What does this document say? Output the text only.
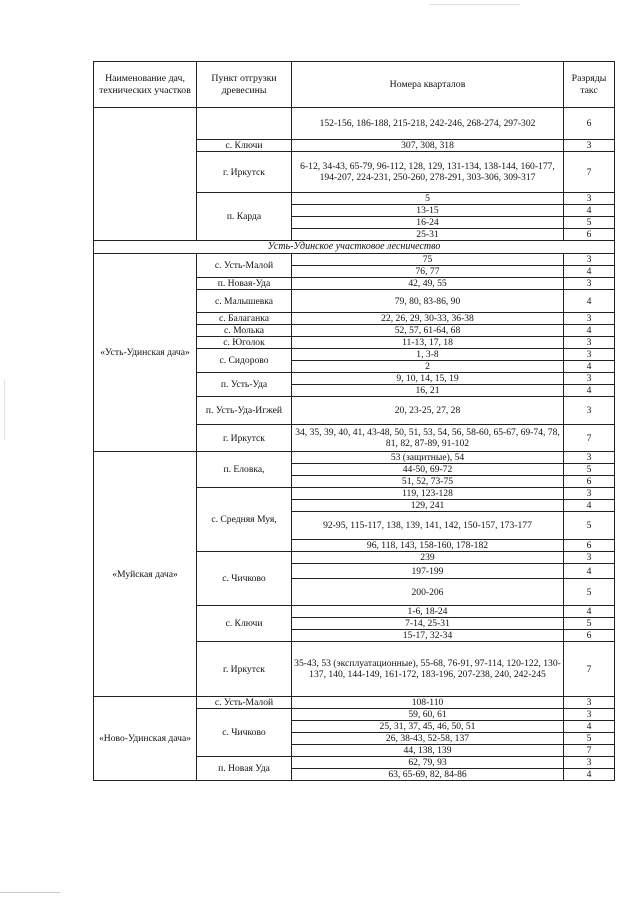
Наименование дач, технических участков	Пункт отгрузки древесины	Номера кварталов	Разряды такс
		152-156, 186-188, 215-218, 242-246, 268-274, 297-302	6
	с. Ключи	307, 308, 318	3
	г. Иркутск	6-12, 34-43, 65-79, 96-112, 128, 129, 131-134, 138-144, 160-177, 194-207, 224-231, 250-260, 278-291, 303-306, 309-317	7
	п. Карда	5	3
		13-15	4
		16-24	5
		25-31	6
Усть-Удинское участковое лесничество			
«Усть-Удинская дача»	с. Усть-Малой	75	3
		76, 77	4
	п. Новая-Уда	42, 49, 55	3
	с. Малышевка	79, 80, 83-86, 90	4
	с. Балаганка	22, 26, 29, 30-33, 36-38	3
	с. Молька	52, 57, 61-64, 68	4
	с. Юголок	11-13, 17, 18	3
	с. Сидорово	1, 3-8	3
		2	4
	п. Усть-Уда	9, 10, 14, 15, 19	3
		16, 21	4
	п. Усть-Уда-Игжей	20, 23-25, 27, 28	3
	г. Иркутск	34, 35, 39, 40, 41, 43-48, 50, 51, 53, 54, 56, 58-60, 65-67, 69-74, 78, 81, 82, 87-89, 91-102	7
«Муйская дача»	п. Еловка,	53 (защитные), 54	3
		44-50, 69-72	5
		51, 52, 73-75	6
	с. Средняя Муя,	119, 123-128	3
		129, 241	4
		92-95, 115-117, 138, 139, 141, 142, 150-157, 173-177	5
		96, 118, 143, 158-160, 178-182	6
	с. Чичково	239	3
		197-199	4
		200-206	5
	с. Ключи	1-6, 18-24	4
		7-14, 25-31	5
		15-17, 32-34	6
	г. Иркутск	35-43, 53 (эксплуатационные), 55-68, 76-91, 97-114, 120-122, 130-137, 140, 144-149, 161-172, 183-196, 207-238, 240, 242-245	7
«Ново-Удинская дача»	с. Усть-Малой	108-110	3
	с. Чичково	59, 60, 61	3
		25, 31, 37, 45, 46, 50, 51	4
		26, 38-43, 52-58, 137	5
		44, 138, 139	7
	п. Новая Уда	62, 79, 93	3
		63, 65-69, 82, 84-86	4
